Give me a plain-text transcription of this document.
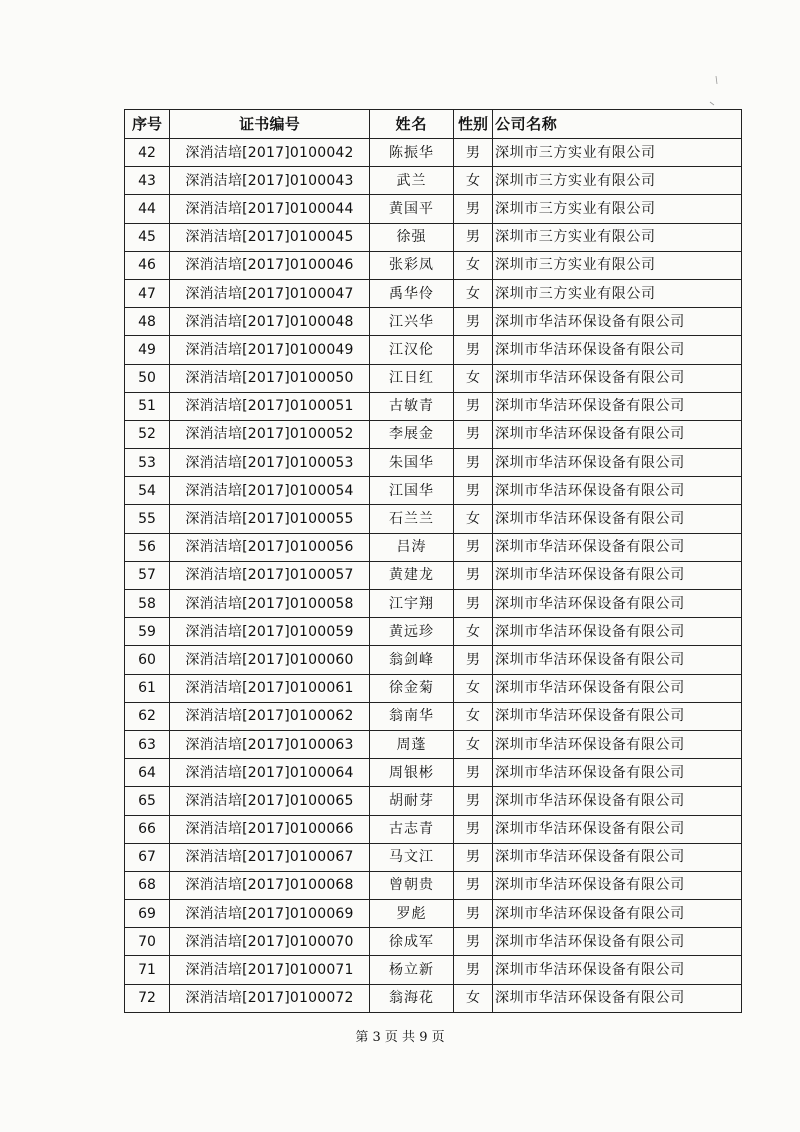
序号	证书编号	姓名	性别	公司名称
42	深消洁培[2017]0100042	陈振华	男	深圳市三方实业有限公司
43	深消洁培[2017]0100043	武兰	女	深圳市三方实业有限公司
44	深消洁培[2017]0100044	黄国平	男	深圳市三方实业有限公司
45	深消洁培[2017]0100045	徐强	男	深圳市三方实业有限公司
46	深消洁培[2017]0100046	张彩凤	女	深圳市三方实业有限公司
47	深消洁培[2017]0100047	禹华伶	女	深圳市三方实业有限公司
48	深消洁培[2017]0100048	江兴华	男	深圳市华洁环保设备有限公司
49	深消洁培[2017]0100049	江汉伦	男	深圳市华洁环保设备有限公司
50	深消洁培[2017]0100050	江日红	女	深圳市华洁环保设备有限公司
51	深消洁培[2017]0100051	古敏青	男	深圳市华洁环保设备有限公司
52	深消洁培[2017]0100052	李展金	男	深圳市华洁环保设备有限公司
53	深消洁培[2017]0100053	朱国华	男	深圳市华洁环保设备有限公司
54	深消洁培[2017]0100054	江国华	男	深圳市华洁环保设备有限公司
55	深消洁培[2017]0100055	石兰兰	女	深圳市华洁环保设备有限公司
56	深消洁培[2017]0100056	吕涛	男	深圳市华洁环保设备有限公司
57	深消洁培[2017]0100057	黄建龙	男	深圳市华洁环保设备有限公司
58	深消洁培[2017]0100058	江宇翔	男	深圳市华洁环保设备有限公司
59	深消洁培[2017]0100059	黄远珍	女	深圳市华洁环保设备有限公司
60	深消洁培[2017]0100060	翁剑峰	男	深圳市华洁环保设备有限公司
61	深消洁培[2017]0100061	徐金菊	女	深圳市华洁环保设备有限公司
62	深消洁培[2017]0100062	翁南华	女	深圳市华洁环保设备有限公司
63	深消洁培[2017]0100063	周蓬	女	深圳市华洁环保设备有限公司
64	深消洁培[2017]0100064	周银彬	男	深圳市华洁环保设备有限公司
65	深消洁培[2017]0100065	胡耐芽	男	深圳市华洁环保设备有限公司
66	深消洁培[2017]0100066	古志青	男	深圳市华洁环保设备有限公司
67	深消洁培[2017]0100067	马文江	男	深圳市华洁环保设备有限公司
68	深消洁培[2017]0100068	曾朝贵	男	深圳市华洁环保设备有限公司
69	深消洁培[2017]0100069	罗彪	男	深圳市华洁环保设备有限公司
70	深消洁培[2017]0100070	徐成军	男	深圳市华洁环保设备有限公司
71	深消洁培[2017]0100071	杨立新	男	深圳市华洁环保设备有限公司
72	深消洁培[2017]0100072	翁海花	女	深圳市华洁环保设备有限公司
第 3 页 共 9 页
